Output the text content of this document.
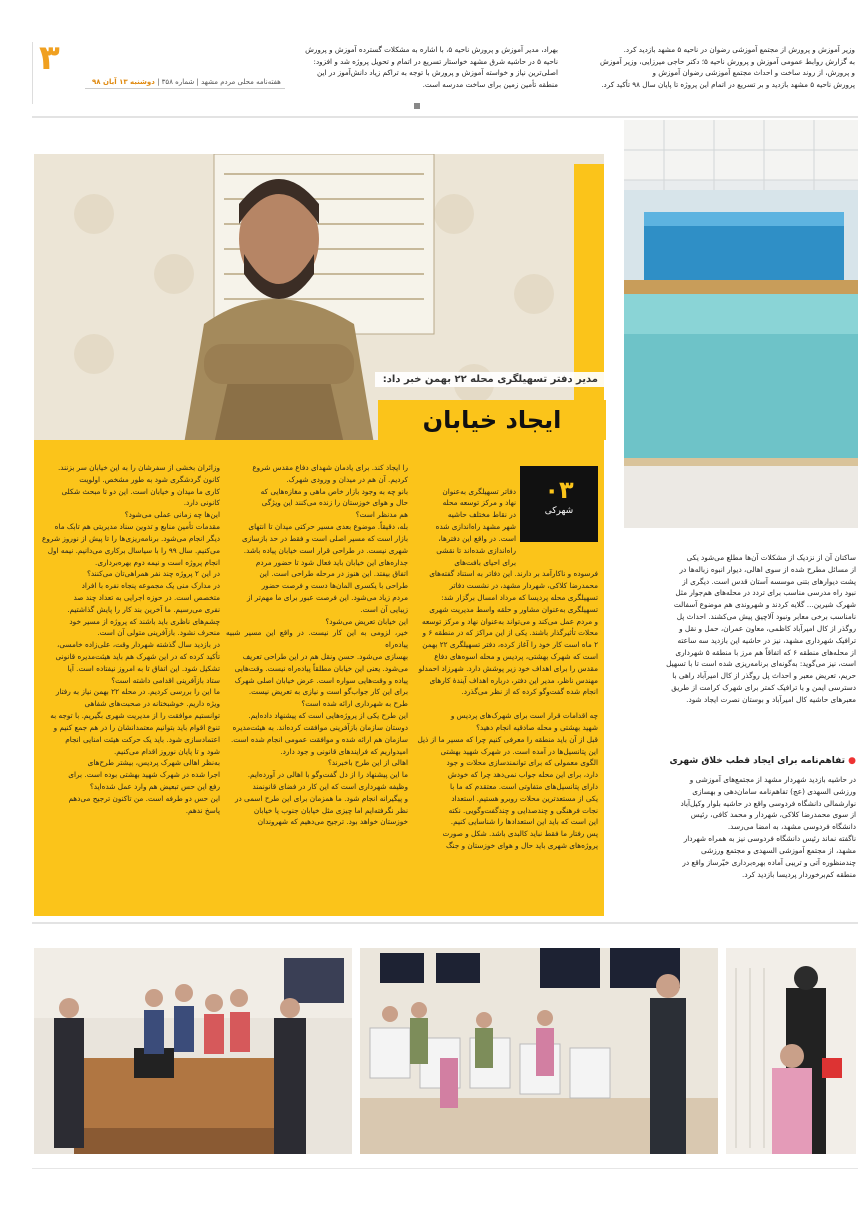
۳
هفته‌نامه محلی مردم مشهد | شماره ۳۵۸ | دوشنبه ۱۳ آبان ۹۸
وزیر آموزش و پرورش از مجتمع آموزشی رضوان در ناحیه ۵ مشهد بازدید کرد.
به گزارش روابط عمومی آموزش و پرورش ناحیه ۵؛ دکتر حاجی میرزایی، وزیر آموزش
و پرورش، از روند ساخت و احداث مجتمع آموزشی رضوان آموزش و
پرورش ناحیه ۵ مشهد بازدید و بر تسریع در اتمام این پروژه تا پایان سال ۹۸ تأکید کرد.
بهراد، مدیر آموزش و پرورش ناحیه ۵، با اشاره به مشکلات گسترده آموزش و پرورش
ناحیه ۵ در حاشیه شرق مشهد خواستار تسریع در اتمام و تحویل پروژه شد و افزود:
اصلی‌ترین نیاز و خواسته آموزش و پرورش با توجه به تراکم زیاد دانش‌آموز در این
منطقه تأمین زمین برای ساخت مدرسه است.
مدیر دفتر تسهیلگری محله ۲۲ بهمن خبر داد:
ایجاد خیابان
۰۳
شهرکی

دفاتر تسهیلگری به‌عنوان
نهاد و مرکز توسعه محله
در نقاط مختلف حاشیه
شهر مشهد راه‌اندازی شده
است. در واقع این دفترها،
راه‌اندازی شده‌اند تا نقشی
برای احیای بافت‌های
فرسوده و ناکارآمد بر دارند. این دفاتر به استناد گفته‌های
محمدرضا کلاکی، شهردار مشهد، در نشست دفاتر
تسهیلگری محله پردیسا که مرداد امسال برگزار شد:
تسهیلگری به‌عنوان مشاور و حلقه واسط مدیریت شهری
و مردم عمل می‌کند و می‌تواند به‌عنوان نهاد و مرکز توسعه
محلات تأثیرگذار باشند. یکی از این مراکز که در منطقه ۶ و
۲ ماه است کار خود را آغاز کرده، دفتر تسهیلگری ۲۲ بهمن
است که شهرک بهشتی، پردیس و محله اسوه‌های دفاع
مقدس را برای اهداف خود زیر پوشش دارد. شهرزاد احمدلو
مهندس ناظر، مدیر این دفتر، درباره اهداف آیندهٔ کارهای
انجام شده گفت‌وگو کرده که از نظر می‌گذرد.

چه اقدامات قرار است برای شهرک‌های پردیس و
شهید بهشتی و محله صادقیه انجام دهید؟
قبل از آن باید منطقه را معرفی کنیم چرا که مسیر ما از ذیل
این پتانسیل‌ها در آمده است. در شهرک شهید بهشتی
الگوی معمولی که برای توانمندسازی محلات و جود
دارد، برای این محله جواب نمی‌دهد چرا که خودش
دارای پتانسیل‌های متفاوتی است. معتقدم که ما با
یکی از مستعدترین محلات روبرو هستیم. استعداد
نجات فرهنگی و چندصدایی و چندگفت‌وگویی. نکته
این است که باید این استعدادها را شناسایی کنیم.
پس رفتار ما فقط نباید کالبدی باشد. شکل و صورت
پروژه‌های شهری باید حال و هوای خوزستان و جنگ

را ایجاد کند. برای یادمان شهدای دفاع مقدس شروع
کردیم. آن هم در میدان و ورودی شهرک.
بانو چه به وجود بازار خاص ماهی و مغازه‌هایی که
حال و هوای خوزستان را زنده می‌کنند این ویژگی
هم مدنظر است؟
بله، دقیقاً. موضوع بعدی مسیر حرکتی میدان تا انتهای
بازار است که مسیر اصلی است و فقط در حد بازسازی
شهری نیست. در طراحی قرار است خیابان پیاده باشد.
جداره‌های این خیابان باید فعال شود تا حضور مردم
اتفاق بیفتد. این هنوز در مرحله طراحی است. این
طراحی با یکسری المان‌ها دست و فرصت حضور
مردم زیاد می‌شود. این فرصت عبور برای ما مهم‌تر از
زیبایی آن است.
این خیابان تعریض می‌شود؟
خیر، لزومی به این کار نیست. در واقع این مسیر شبیه پیاده‌راه
بهسازی می‌شود. حسن ونقل هم در این طراحی تعریف
می‌شود. یعنی این خیابان مطلقاً پیاده‌راه نیست. وقت‌هایی
پیاده و وقت‌هایی سواره است. عرض خیابان اصلی شهرک
برای این کار جواب‌گو است و نیازی به تعریض نیست.
طرح به شهرداری ارائه شده است؟
این طرح یکی از پروژه‌هایی است که پیشنهاد داده‌ایم.
دوستان سازمان بازآفرینی موافقت کرده‌اند. به هیئت‌مدیره
سازمان هم ارائه شده و موافقت عمومی انجام شده است.
امیدواریم که فرایندهای قانونی و جود دارد.
اهالی از این طرح باخبرند؟
ما این پیشنهاد را از دل گفت‌وگو با اهالی در آورده‌ایم.
وظیفه شهرداری است که این کار در فضای قانونمند
و پیگیرانه انجام شود. ما همزمان برای این طرح اسمی در
نظر نگرفته‌ایم اما چیزی مثل خیابان جنوب یا خیابان
خوزستان خواهد بود. ترجیح می‌دهیم که شهروندان
وزائران بخشی از سفرشان را به این خیابان سر بزنند.
کانون گردشگری شود به طور مشخص. اولویت
کاری ما میدان و خیابان است. این دو تا مبحث شکلی
کانونی دارد.
این‌ها چه زمانی عملی می‌شود؟
مقدمات تأمین منابع و تدوین سناد مدیریتی هم تابک ماه
دیگر انجام می‌شود. برنامه‌ریزی‌ها را تا پیش از نوروز شروع
می‌کنیم. سال ۹۹ را با سیاسال برکاری می‌دانیم. نیمه اول
انجام پروژه است و نیمه دوم بهره‌برداری.
در این ۲ پروژه چند نفر همراهی‌تان می‌کنند؟
در مدارک منی یک مجموعه پنجاه نفره با افراد
متخصص است. در حوزه اجرایی به تعداد چند صد
نفری می‌رسیم. ما آخرین بند کار را پایش گذاشتیم.
چشم‌های ناظری باید باشند که پروژه از مسیر خود
منحرف نشود. بازآفرینی متولی آن است.
در بازدید سال گذشته شهردار وقت، علی‌زاده خامسی،
تأکید کرده که در این شهرک هم باید هیئت‌مدیره قانونی
تشکیل شود. این اتفاق تا به امروز نیفتاده است. آیا
ستاد بازآفرینی اقدامی داشته است؟
ما این را بررسی کردیم. در محله ۲۲ بهمن نیاز به رفتار
ویژه داریم. خوشبختانه در صحبت‌های شفاهی
توانستیم موافقت را از مدیریت شهری بگیریم. با توجه به
تنوع اقوام باید بتوانیم معتمدانشان را در هم جمع کنیم و
اعتمادسازی شود. باید یک حرکت هیئت امنایی انجام
شود و تا پایان نوروز اقدام می‌کنیم.
به‌نظر اهالی شهرک پردیس، بیشتر طرح‌های
اجرا شده در شهرک شهید بهشتی بوده است. برای
رفع این حس تبعیض هم وارد عمل شده‌اید؟
این حس دو طرفه است. من تاکنون ترجیح می‌دهم
پاسخ ندهم.
ساکنان آن از نزدیک از مشکلات آن‌ها مطلع می‌شود یکی
از مسائل مطرح شده از سوی اهالی، دیوار انبوه زباله‌ها در
پشت دیوارهای بتنی موسسه آستان قدس است. دیگری از
نبود راه مدرسی مناسب برای تردد در محله‌های هم‌جوار مثل
شهرک شیرین... گلایه کردند و شهروندی هم موضوع آسفالت
نامناسب برخی معابر ونبود آلاچیق پیش می‌کشند. احداث پل
روگذر از کال امیرآباد کاظمی، معاون عمران، حمل و نقل و
ترافیک شهرداری مشهد، نیز در حاشیه این بازدید سه ساعته
از محله‌های منطقه ۶ که اتفاقاً هم مرز با منطقه ۵ شهرداری
است، نیز می‌گوید: به‌گونه‌ای برنامه‌ریزی شده است تا با تسهیل
حریم، تعریض معبر و احداث پل روگذر از کال امیرآباد راهی با
دسترسی ایمن و با ترافیک کمتر برای شهرک کرامت از طریق
معبرهای حاشیه کال امیرآباد و بوستان نصرت ایجاد شود.
● تفاهم‌نامه برای ایجاد قطب خلاق شهری
در حاشیه بازدید شهردار مشهد از مجتمع‌های آموزشی و
ورزشی السهدی (عج) تفاهم‌نامه سامان‌دهی و بهسازی
نوارشمالی دانشگاه فردوسی واقع در حاشیه بلوار وکیل‌آباد
از سوی محمدرضا کلاکی، شهردار و محمد کافی، رئیس
دانشگاه فردوسی مشهد، به امضا می‌رسد.
ناگفته نماند رئیس دانشگاه فردوسی نیز به همراه شهردار
مشهد، از مجتمع آموزشی السهدی و مجتمع ورزشی
چندمنظوره آتی و تریبی آماده بهره‌برداری خیّرساز واقع در
منطقه کم‌برخوردار پردیسا بازدید کرد.
